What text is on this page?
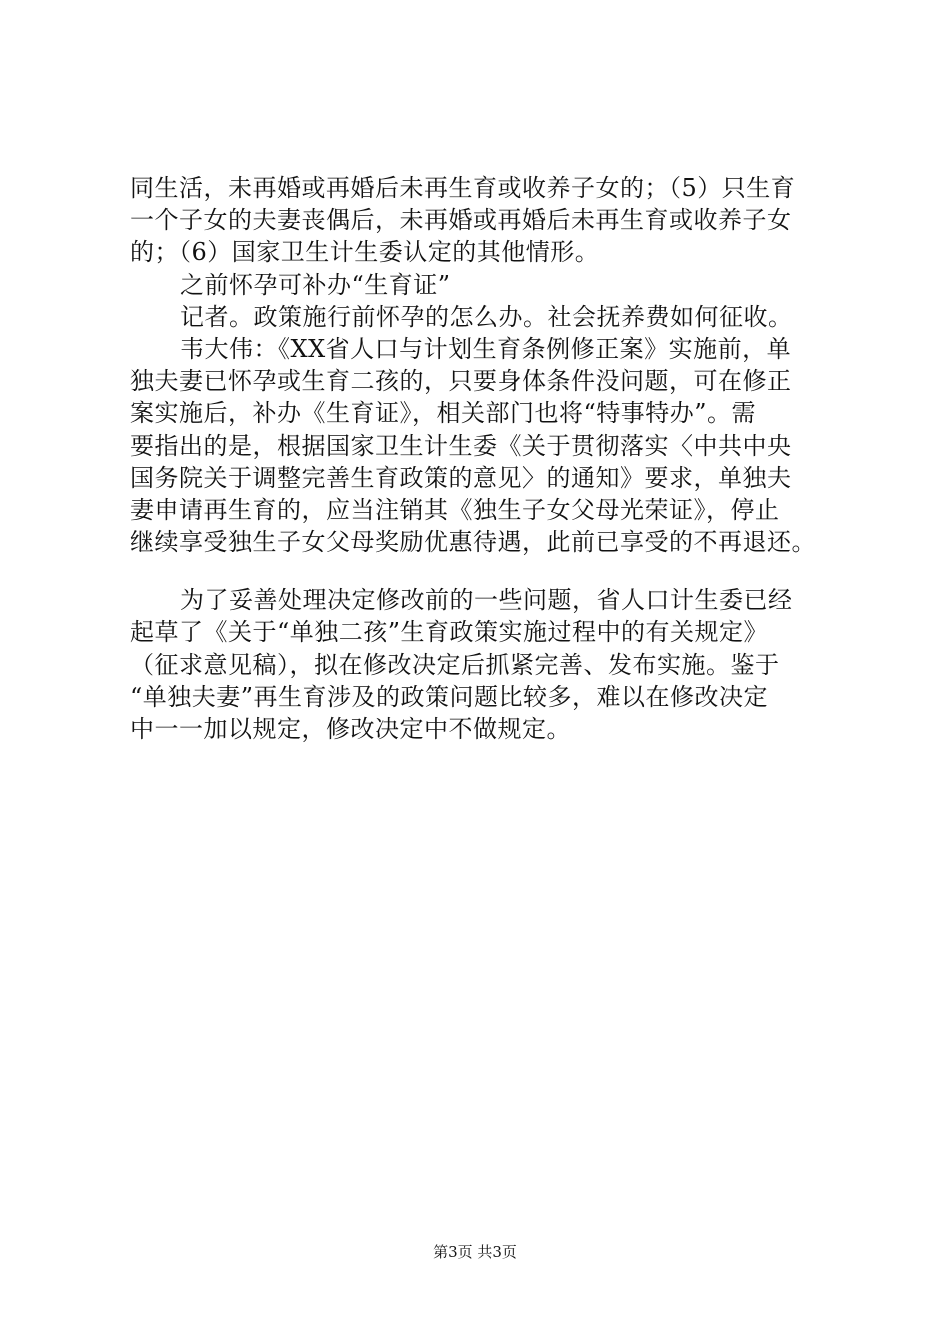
同生活，未再婚或再婚后未再生育或收养子女的；（5）只生育
一个子女的夫妻丧偶后，未再婚或再婚后未再生育或收养子女
的；（6）国家卫生计生委认定的其他情形。
之前怀孕可补办“生育证”
记者。政策施行前怀孕的怎么办。社会抚养费如何征收。
韦大伟：《XX省人口与计划生育条例修正案》实施前，单
独夫妻已怀孕或生育二孩的，只要身体条件没问题，可在修正
案实施后，补办《生育证》，相关部门也将“特事特办”。需
要指出的是，根据国家卫生计生委《关于贯彻落实〈中共中央
国务院关于调整完善生育政策的意见〉的通知》要求，单独夫
妻申请再生育的，应当注销其《独生子女父母光荣证》，停止
继续享受独生子女父母奖励优惠待遇，此前已享受的不再退还。
为了妥善处理决定修改前的一些问题，省人口计生委已经
起草了《关于“单独二孩”生育政策实施过程中的有关规定》
（征求意见稿），拟在修改决定后抓紧完善、发布实施。鉴于
“单独夫妻”再生育涉及的政策问题比较多，难以在修改决定
中一一加以规定，修改决定中不做规定。
第3页 共3页
